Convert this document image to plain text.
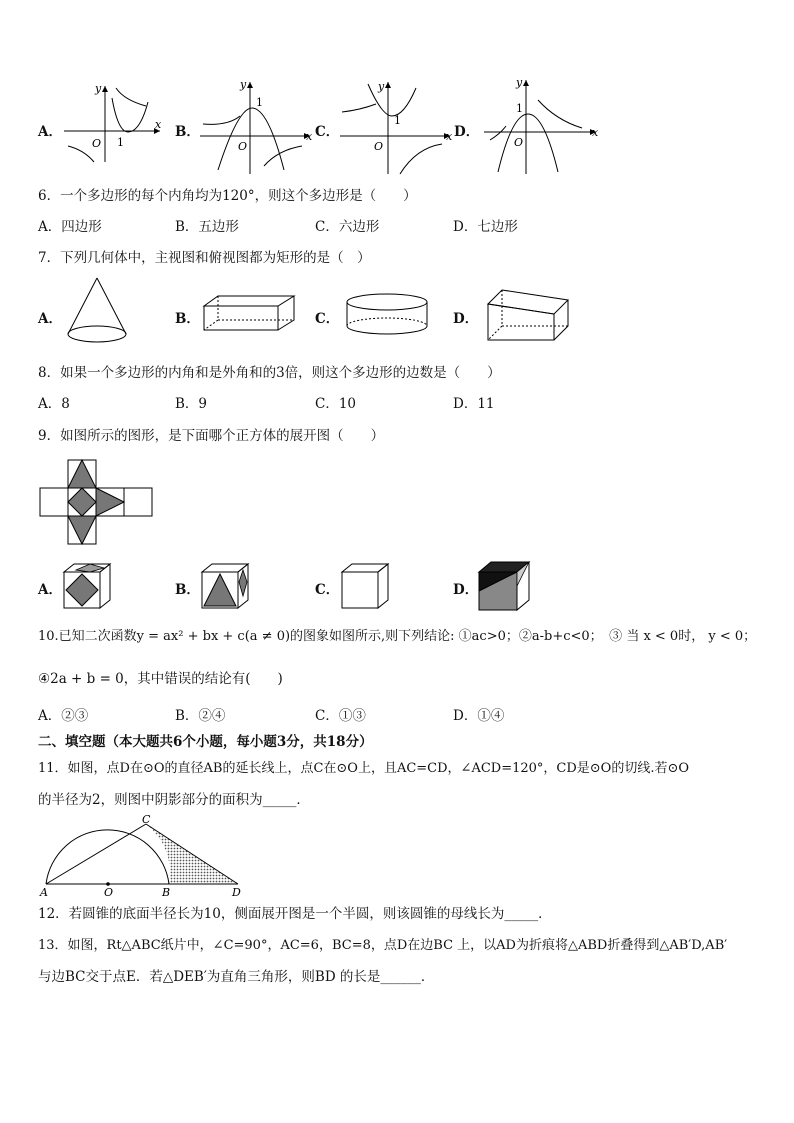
A．	x
y
O 1
B．	x
y
O
1
C．	x
y
O
1
D．	x
y
O
1
6．一个多边形的每个内角均为120°，则这个多边形是（　　）
A．四边形	B．五边形	C．六边形	D．七边形
7．下列几何体中，主视图和俯视图都为矩形的是（　）
A．	B．	C．	D．
8．如果一个多边形的内角和是外角和的3倍，则这个多边形的边数是（　　）
A．8	B．9	C．10	D．11
9．如图所示的图形，是下面哪个正方体的展开图（　　）
A．	B．	C．	D．
10.已知二次函数y = ax² + bx + c(a ≠ 0)的图象如图所示,则下列结论: ①ac>0；②a-b+c<0；　③ 当 x < 0时， y < 0；
④2a + b = 0，其中错误的结论有(　　)
A．②③	B．②④	C．①③	D．①④
二、填空题（本大题共6个小题，每小题3分，共18分）
11．如图，点D在⊙O的直径AB的延长线上，点C在⊙O上，且AC=CD，∠ACD=120°，CD是⊙O的切线.若⊙O
的半径为2，则图中阴影部分的面积为_____．
A	O	B
C
D
12．若圆锥的底面半径长为10，侧面展开图是一个半圆，则该圆锥的母线长为_____．
13．如图，Rt△ABC纸片中，∠C=90°，AC=6，BC=8，点D在边BC 上，以AD为折痕将△ABD折叠得到△AB′D,AB′
与边BC交于点E．若△DEB′为直角三角形，则BD 的长是______．
